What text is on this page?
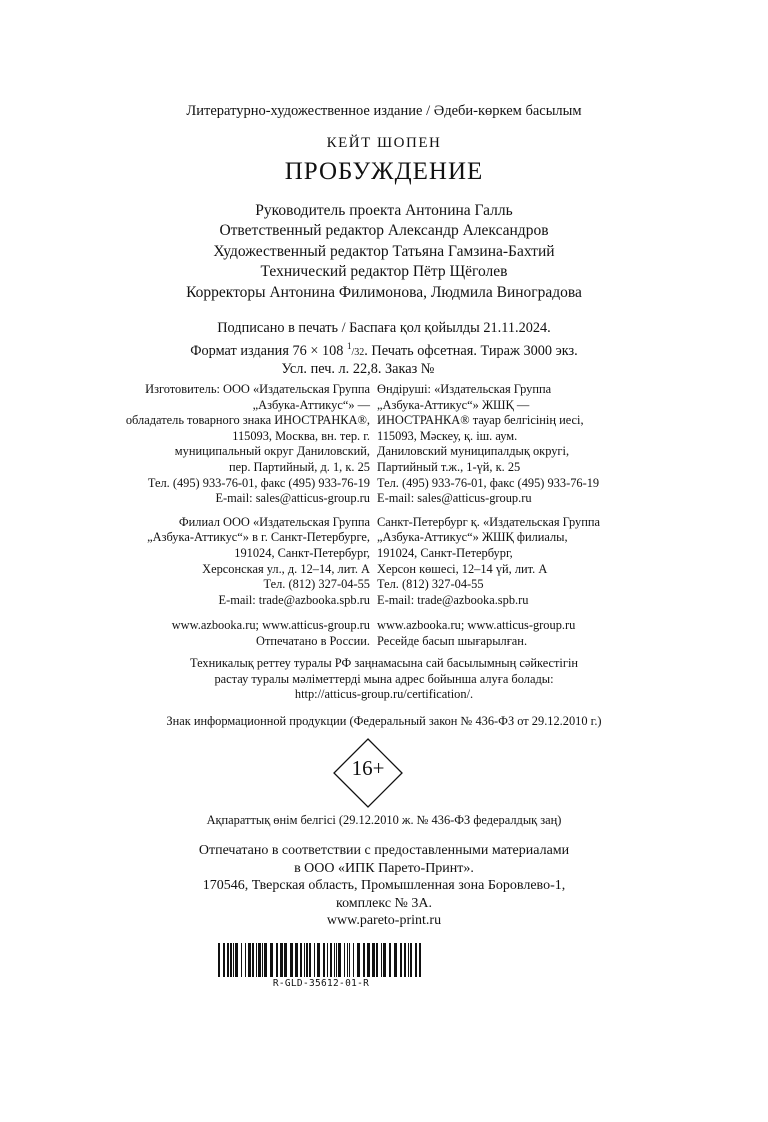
Литературно-художественное издание / Әдеби-көркем басылым
КЕЙТ ШОПЕН
ПРОБУЖДЕНИЕ
Руководитель проекта Антонина Галль
Ответственный редактор Александр Александров
Художественный редактор Татьяна Гамзина-Бахтий
Технический редактор Пётр Щёголев
Корректоры Антонина Филимонова, Людмила Виноградова
Подписано в печать / Баспаға қол қойылды 21.11.2024.
Формат издания 76 × 108 $^1$/32. Печать офсетная. Тираж 3000 экз.
Усл. печ. л. 22,8. Заказ №
Изготовитель: ООО «Издательская Группа
„Азбука-Аттикус“» —
обладатель товарного знака ИНОСТРАНКА®,
115093, Москва, вн. тер. г.
муниципальный округ Даниловский,
пер. Партийный, д. 1, к. 25
Тел. (495) 933-76-01, факс (495) 933-76-19
E-mail: sales@atticus-group.ru
Филиал ООО «Издательская Группа
„Азбука-Аттикус“» в г. Санкт-Петербурге,
191024, Санкт-Петербург,
Херсонская ул., д. 12–14, лит. А
Тел. (812) 327-04-55
E-mail: trade@azbooka.spb.ru
www.azbooka.ru; www.atticus-group.ru
Отпечатано в России.
Өндіруші: «Издательская Группа
„Азбука-Аттикус“» ЖШҚ —
ИНОСТРАНКА® тауар белгісінің иесі,
115093, Мәскеу, қ. іш. аум.
Даниловский муниципалдық округі,
Партийный т.ж., 1-үй, к. 25
Тел. (495) 933-76-01, факс (495) 933-76-19
E-mail: sales@atticus-group.ru
Санкт-Петербург қ. «Издательская Группа
„Азбука-Аттикус“» ЖШҚ филиалы,
191024, Санкт-Петербург,
Херсон көшесі, 12–14 үй, лит. А
Тел. (812) 327-04-55
E-mail: trade@azbooka.spb.ru
www.azbooka.ru; www.atticus-group.ru
Ресейде басып шығарылған.
Техникалық реттеу туралы РФ заңнамасына сай басылымның сәйкестігін
растау туралы мәліметтерді мына адрес бойынша алуға болады:
http://atticus-group.ru/certification/.
Знак информационной продукции (Федеральный закон № 436-ФЗ от 29.12.2010 г.)
16+
Ақпараттық өнім белгісі (29.12.2010 ж. № 436-ФЗ федералдық заң)
Отпечатано в соответствии с предоставленными материалами
в ООО «ИПК Парето-Принт».
170546, Тверская область, Промышленная зона Боровлево-1,
комплекс № 3А.
www.pareto-print.ru
R-GLD-35612-01-R
